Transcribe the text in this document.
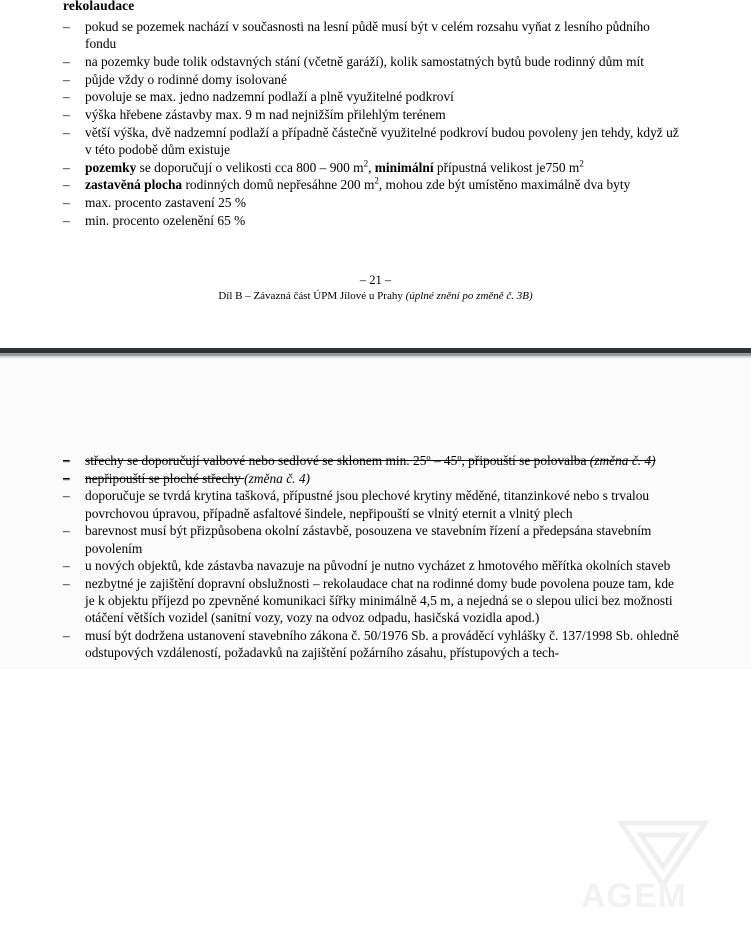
rekolaudace
– pokud se pozemek nachází v současnosti na lesní půdě musí být v celém rozsahu vyňat z lesního půdního fondu
– na pozemky bude tolik odstavných stání (včetně garáží), kolik samostatných bytů bude rodinný dům mít
– půjde vždy o rodinné domy isolované
– povoluje se max. jedno nadzemní podlaží a plně využitelné podkroví
– výška hřebene zástavby max. 9 m nad nejnižším přilehlým terénem
– větší výška, dvě nadzemní podlaží a případně částečně využitelné podkroví budou povoleny jen tehdy, když už v této podobě dům existuje
– pozemky se doporučují o velikosti cca 800 – 900 $m^2$, minimální přípustná velikost je750 $m^2$
– zastavěná plocha rodinných domů nepřesáhne 200 $m^2$, mohou zde být umístěno maximálně dva byty
– max. procento zastavení 25 %
– min. procento ozelenění 65 %
– 21 –
Díl B – Závazná část ÚPM Jílové u Prahy (úplné znění po změně č. 3B)
– střechy se doporučují valbové nebo sedlové se sklonem min. 25º – 45º, připouští se polovalba (změna č. 4)
– nepřipouští se ploché střechy (změna č. 4)
– doporučuje se tvrdá krytina tašková, přípustné jsou plechové krytiny měděné, titanzinkové nebo s trvalou povrchovou úpravou, případně asfaltové šindele, nepřipouští se vlnitý eternit a vlnitý plech
– barevnost musí být přizpůsobena okolní zástavbě, posouzena ve stavebním řízení a předepsána stavebním povolením
– u nových objektů, kde zástavba navazuje na původní je nutno vycházet z hmotového měřítka okolních staveb
– nezbytné je zajištění dopravní obslužnosti – rekolaudace chat na rodinné domy bude povolena pouze tam, kde je k objektu příjezd po zpevněné komunikaci šířky minimálně 4,5 m, a nejedná se o slepou ulici bez možnosti otáčení větších vozidel (sanitní vozy, vozy na odvoz odpadu, hasičská vozidla apod.)
– musí být dodržena ustanovení stavebního zákona č. 50/1976 Sb. a prováděcí vyhlášky č. 137/1998 Sb. ohledně odstupových vzdáleností, požadavků na zajištění požárního zásahu, přístupových a tech-
AGEM
